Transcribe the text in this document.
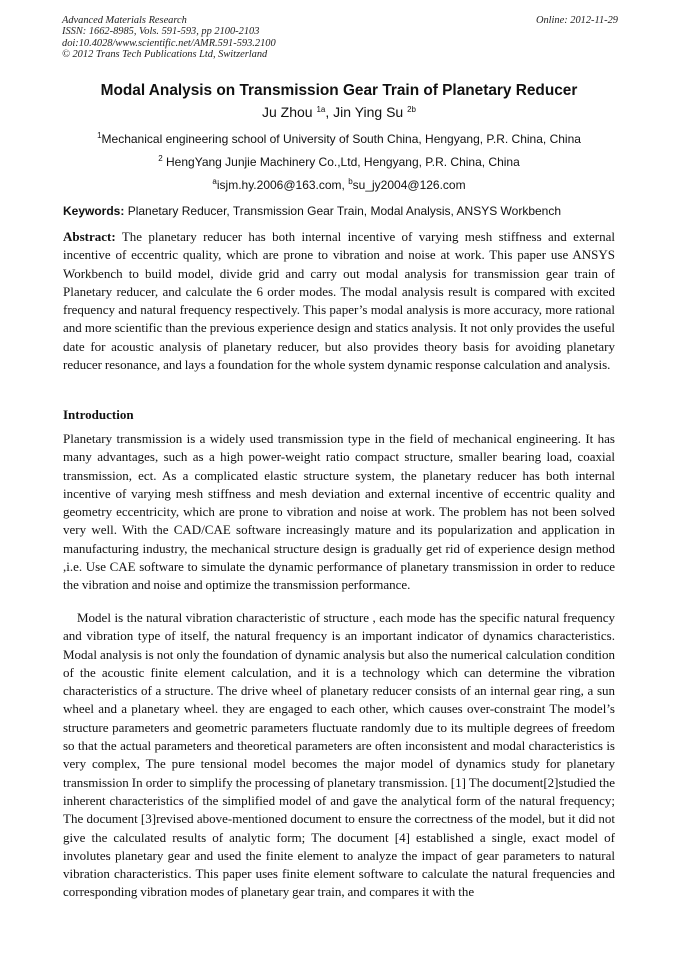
Advanced Materials Research
ISSN: 1662-8985, Vols. 591-593, pp 2100-2103
doi:10.4028/www.scientific.net/AMR.591-593.2100
© 2012 Trans Tech Publications Ltd, Switzerland
Online: 2012-11-29
Modal Analysis on Transmission Gear Train of Planetary Reducer
Ju Zhou $^{1a}$, Jin Ying Su $^{2b}$
$^1$Mechanical engineering school of University of South China, Hengyang, P.R. China, China
$^2$ HengYang Junjie Machinery Co.,Ltd, Hengyang, P.R. China, China
$^a$isjm.hy.2006@163.com, $^b$su_jy2004@126.com
Keywords: Planetary Reducer, Transmission Gear Train, Modal Analysis, ANSYS Workbench
Abstract: The planetary reducer has both internal incentive of varying mesh stiffness and external incentive of eccentric quality, which are prone to vibration and noise at work. This paper use ANSYS Workbench to build model, divide grid and carry out modal analysis for transmission gear train of Planetary reducer, and calculate the 6 order modes. The modal analysis result is compared with excited frequency and natural frequency respectively. This paper’s modal analysis is more accuracy, more rational and more scientific than the previous experience design and statics analysis. It not only provides the useful date for acoustic analysis of planetary reducer, but also provides theory basis for avoiding planetary reducer resonance, and lays a foundation for the whole system dynamic response calculation and analysis.
Introduction
Planetary transmission is a widely used transmission type in the field of mechanical engineering. It has many advantages, such as a high power-weight ratio compact structure, smaller bearing load, coaxial transmission, ect. As a complicated elastic structure system, the planetary reducer has both internal incentive of varying mesh stiffness and mesh deviation and external incentive of eccentric quality and geometry eccentricity, which are prone to vibration and noise at work. The problem has not been solved very well. With the CAD/CAE software increasingly mature and its popularization and application in manufacturing industry, the mechanical structure design is gradually get rid of experience design method ,i.e. Use CAE software to simulate the dynamic performance of planetary transmission in order to reduce the vibration and noise and optimize the transmission performance.
Model is the natural vibration characteristic of structure , each mode has the specific natural frequency and vibration type of itself, the natural frequency is an important indicator of dynamics characteristics. Modal analysis is not only the foundation of dynamic analysis but also the numerical calculation condition of the acoustic finite element calculation, and it is a technology which can determine the vibration characteristics of a structure. The drive wheel of planetary reducer consists of an internal gear ring, a sun wheel and a planetary wheel. they are engaged to each other, which causes over-constraint The model’s structure parameters and geometric parameters fluctuate randomly due to its multiple degrees of freedom so that the actual parameters and theoretical parameters are often inconsistent and modal characteristics is very complex, The pure tensional model becomes the major model of dynamics study for planetary transmission In order to simplify the processing of planetary transmission. [1] The document[2]studied the inherent characteristics of the simplified model of and gave the analytical form of the natural frequency; The document [3]revised above-mentioned document to ensure the correctness of the model, but it did not give the calculated results of analytic form; The document [4] established a single, exact model of involutes planetary gear and used the finite element to analyze the impact of gear parameters to natural vibration characteristics. This paper uses finite element software to calculate the natural frequencies and corresponding vibration modes of planetary gear train, and compares it with the
